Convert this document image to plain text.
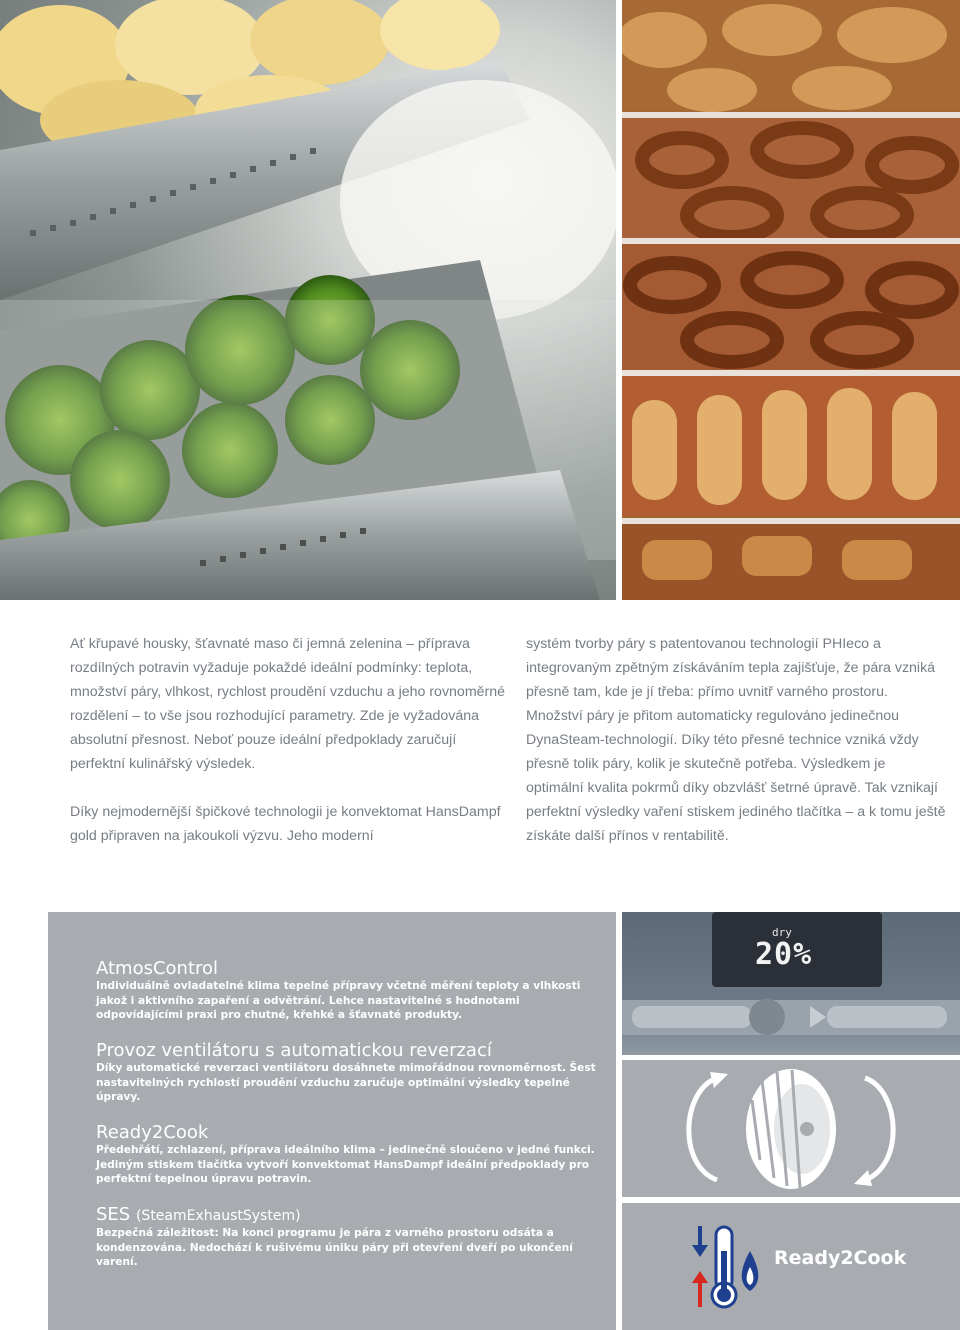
Ať křupavé housky, šťavnaté maso či jemná zelenina – příprava rozdílných potravin vyžaduje pokaždé ideální podmínky: teplota, množství páry, vlhkost, rychlost proudění vzduchu a jeho rovnoměrné rozdělení – to vše jsou rozhodující parametry. Zde je vyžadována absolutní přesnost. Neboť pouze ideální předpoklady zaručují perfektní kulinářský výsledek.

Díky nejmodernější špičkové technologii je konvektomat HansDampf gold připraven na jakoukoli výzvu. Jeho moderní

systém tvorby páry s patentovanou technologií PHIeco a integrovaným zpětným získáváním tepla zajišťuje, že pára vzniká přesně tam, kde je jí třeba: přímo uvnitř varného prostoru. Množství páry je přitom automaticky regulováno jedinečnou DynaSteam-technologií. Díky této přesné technice vzniká vždy přesně tolik páry, kolik je skutečně potřeba. Výsledkem je optimální kvalita pokrmů díky obzvlášť šetrné úpravě. Tak vznikají perfektní výsledky vaření stiskem jediného tlačítka – a k tomu ještě získáte další přínos v rentabilitě.

AtmosControl

Individuálně ovladatelné klima tepelné přípravy včetně měření teploty a vlhkosti jakož i aktivního zapaření a odvětrání. Lehce nastavitelné s hodnotami odpovídajícími praxi pro chutné, křehké a šťavnaté produkty.

Provoz ventilátoru s automatickou reverzací

Díky automatické reverzaci ventilátoru dosáhnete mimořádnou rovnoměrnost. Šest nastavitelných rychlostí proudění vzduchu zaručuje optimální výsledky tepelné úpravy.

Ready2Cook

Předehřátí, zchlazení, příprava ideálního klima – jedinečně sloučeno v jedné funkci. Jediným stiskem tlačítka vytvoří konvektomat HansDampf ideální předpoklady pro perfektní tepelnou úpravu potravin.

SES (SteamExhaustSystem)

Bezpečná záležitost: Na konci programu je pára z varného prostoru odsáta a kondenzována. Nedochází k rušivému úniku páry při otevření dveří po ukončení varení.

dry
20%
Ready2Cook
